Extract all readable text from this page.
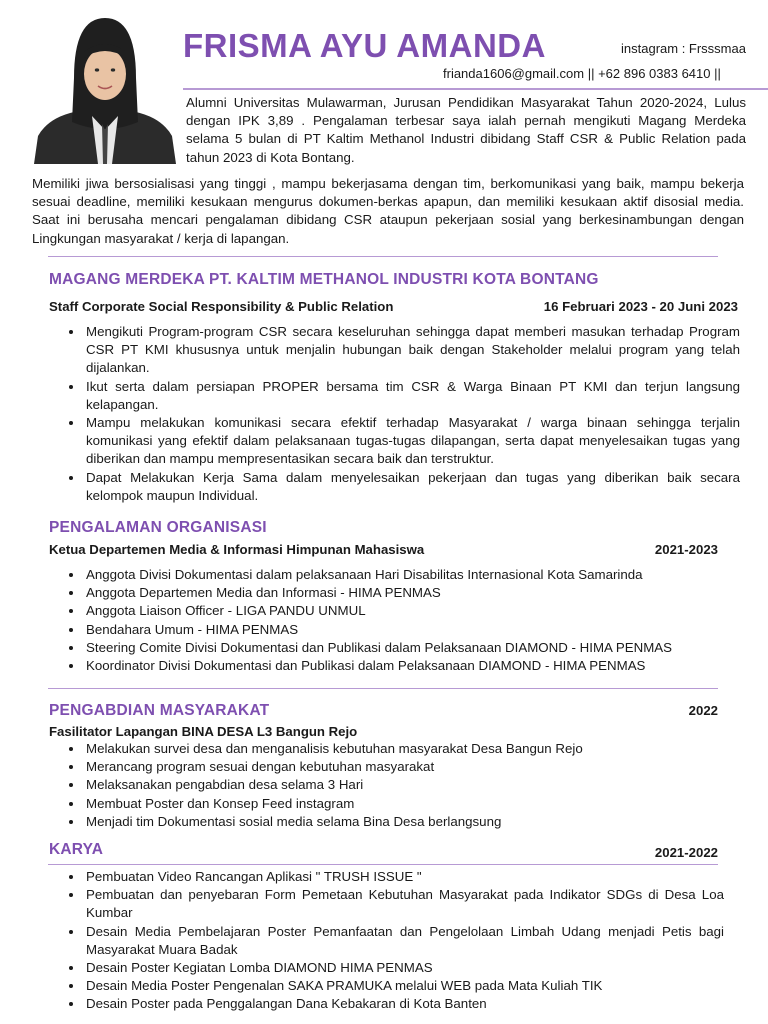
FRISMA AYU AMANDA	instagram : Frsssmaa
frianda1606@gmail.com || +62 896 0383 6410 ||
Alumni Universitas Mulawarman, Jurusan Pendidikan Masyarakat Tahun 2020-2024, Lulus dengan IPK 3,89 . Pengalaman terbesar saya ialah pernah mengikuti Magang Merdeka selama 5 bulan di PT Kaltim Methanol Industri dibidang Staff CSR & Public Relation pada tahun 2023 di Kota Bontang.
Memiliki jiwa bersosialisasi yang tinggi , mampu bekerjasama dengan tim, berkomunikasi yang baik, mampu bekerja sesuai deadline, memiliki kesukaan mengurus dokumen-berkas apapun, dan memiliki kesukaan aktif disosial media. Saat ini berusaha mencari pengalaman dibidang CSR ataupun pekerjaan sosial yang berkesinambungan dengan Lingkungan masyarakat / kerja di lapangan.
MAGANG MERDEKA PT. KALTIM METHANOL INDUSTRI KOTA BONTANG
Staff Corporate Social Responsibility & Public Relation	16 Februari 2023 - 20 Juni 2023
• Mengikuti Program-program CSR secara keseluruhan sehingga dapat memberi masukan terhadap Program CSR PT KMI khususnya untuk menjalin hubungan baik dengan Stakeholder melalui program yang telah dijalankan.
• Ikut serta dalam persiapan PROPER bersama tim CSR & Warga Binaan PT KMI dan terjun langsung kelapangan.
• Mampu melakukan komunikasi secara efektif terhadap Masyarakat / warga binaan sehingga terjalin komunikasi yang efektif dalam pelaksanaan tugas-tugas dilapangan, serta dapat menyelesaikan tugas yang diberikan dan mampu mempresentasikan secara baik dan terstruktur.
• Dapat Melakukan Kerja Sama dalam menyelesaikan pekerjaan dan tugas yang diberikan baik secara kelompok maupun Individual.
PENGALAMAN ORGANISASI
Ketua Departemen Media & Informasi Himpunan Mahasiswa	2021-2023
• Anggota Divisi Dokumentasi dalam pelaksanaan Hari Disabilitas Internasional Kota Samarinda
• Anggota Departemen Media dan Informasi - HIMA PENMAS
• Anggota Liaison Officer - LIGA PANDU UNMUL
• Bendahara Umum - HIMA PENMAS
• Steering Comite Divisi Dokumentasi dan Publikasi dalam Pelaksanaan DIAMOND - HIMA PENMAS
• Koordinator Divisi Dokumentasi dan Publikasi dalam Pelaksanaan DIAMOND - HIMA PENMAS
PENGABDIAN MASYARAKAT	2022
Fasilitator Lapangan BINA DESA L3 Bangun Rejo
• Melakukan survei desa dan menganalisis kebutuhan masyarakat Desa Bangun Rejo
• Merancang program sesuai dengan kebutuhan masyarakat
• Melaksanakan pengabdian desa selama 3 Hari
• Membuat Poster dan Konsep Feed instagram
• Menjadi tim Dokumentasi sosial media selama Bina Desa berlangsung
KARYA	2021-2022
• Pembuatan Video Rancangan Aplikasi " TRUSH ISSUE "
• Pembuatan dan penyebaran Form Pemetaan Kebutuhan Masyarakat pada Indikator SDGs di Desa Loa Kumbar
• Desain Media Pembelajaran Poster Pemanfaatan dan Pengelolaan Limbah Udang menjadi Petis bagi Masyarakat Muara Badak
• Desain Poster Kegiatan Lomba DIAMOND HIMA PENMAS
• Desain Media Poster Pengenalan SAKA PRAMUKA melalui WEB pada Mata Kuliah TIK
• Desain Poster pada Penggalangan Dana Kebakaran di Kota Banten
